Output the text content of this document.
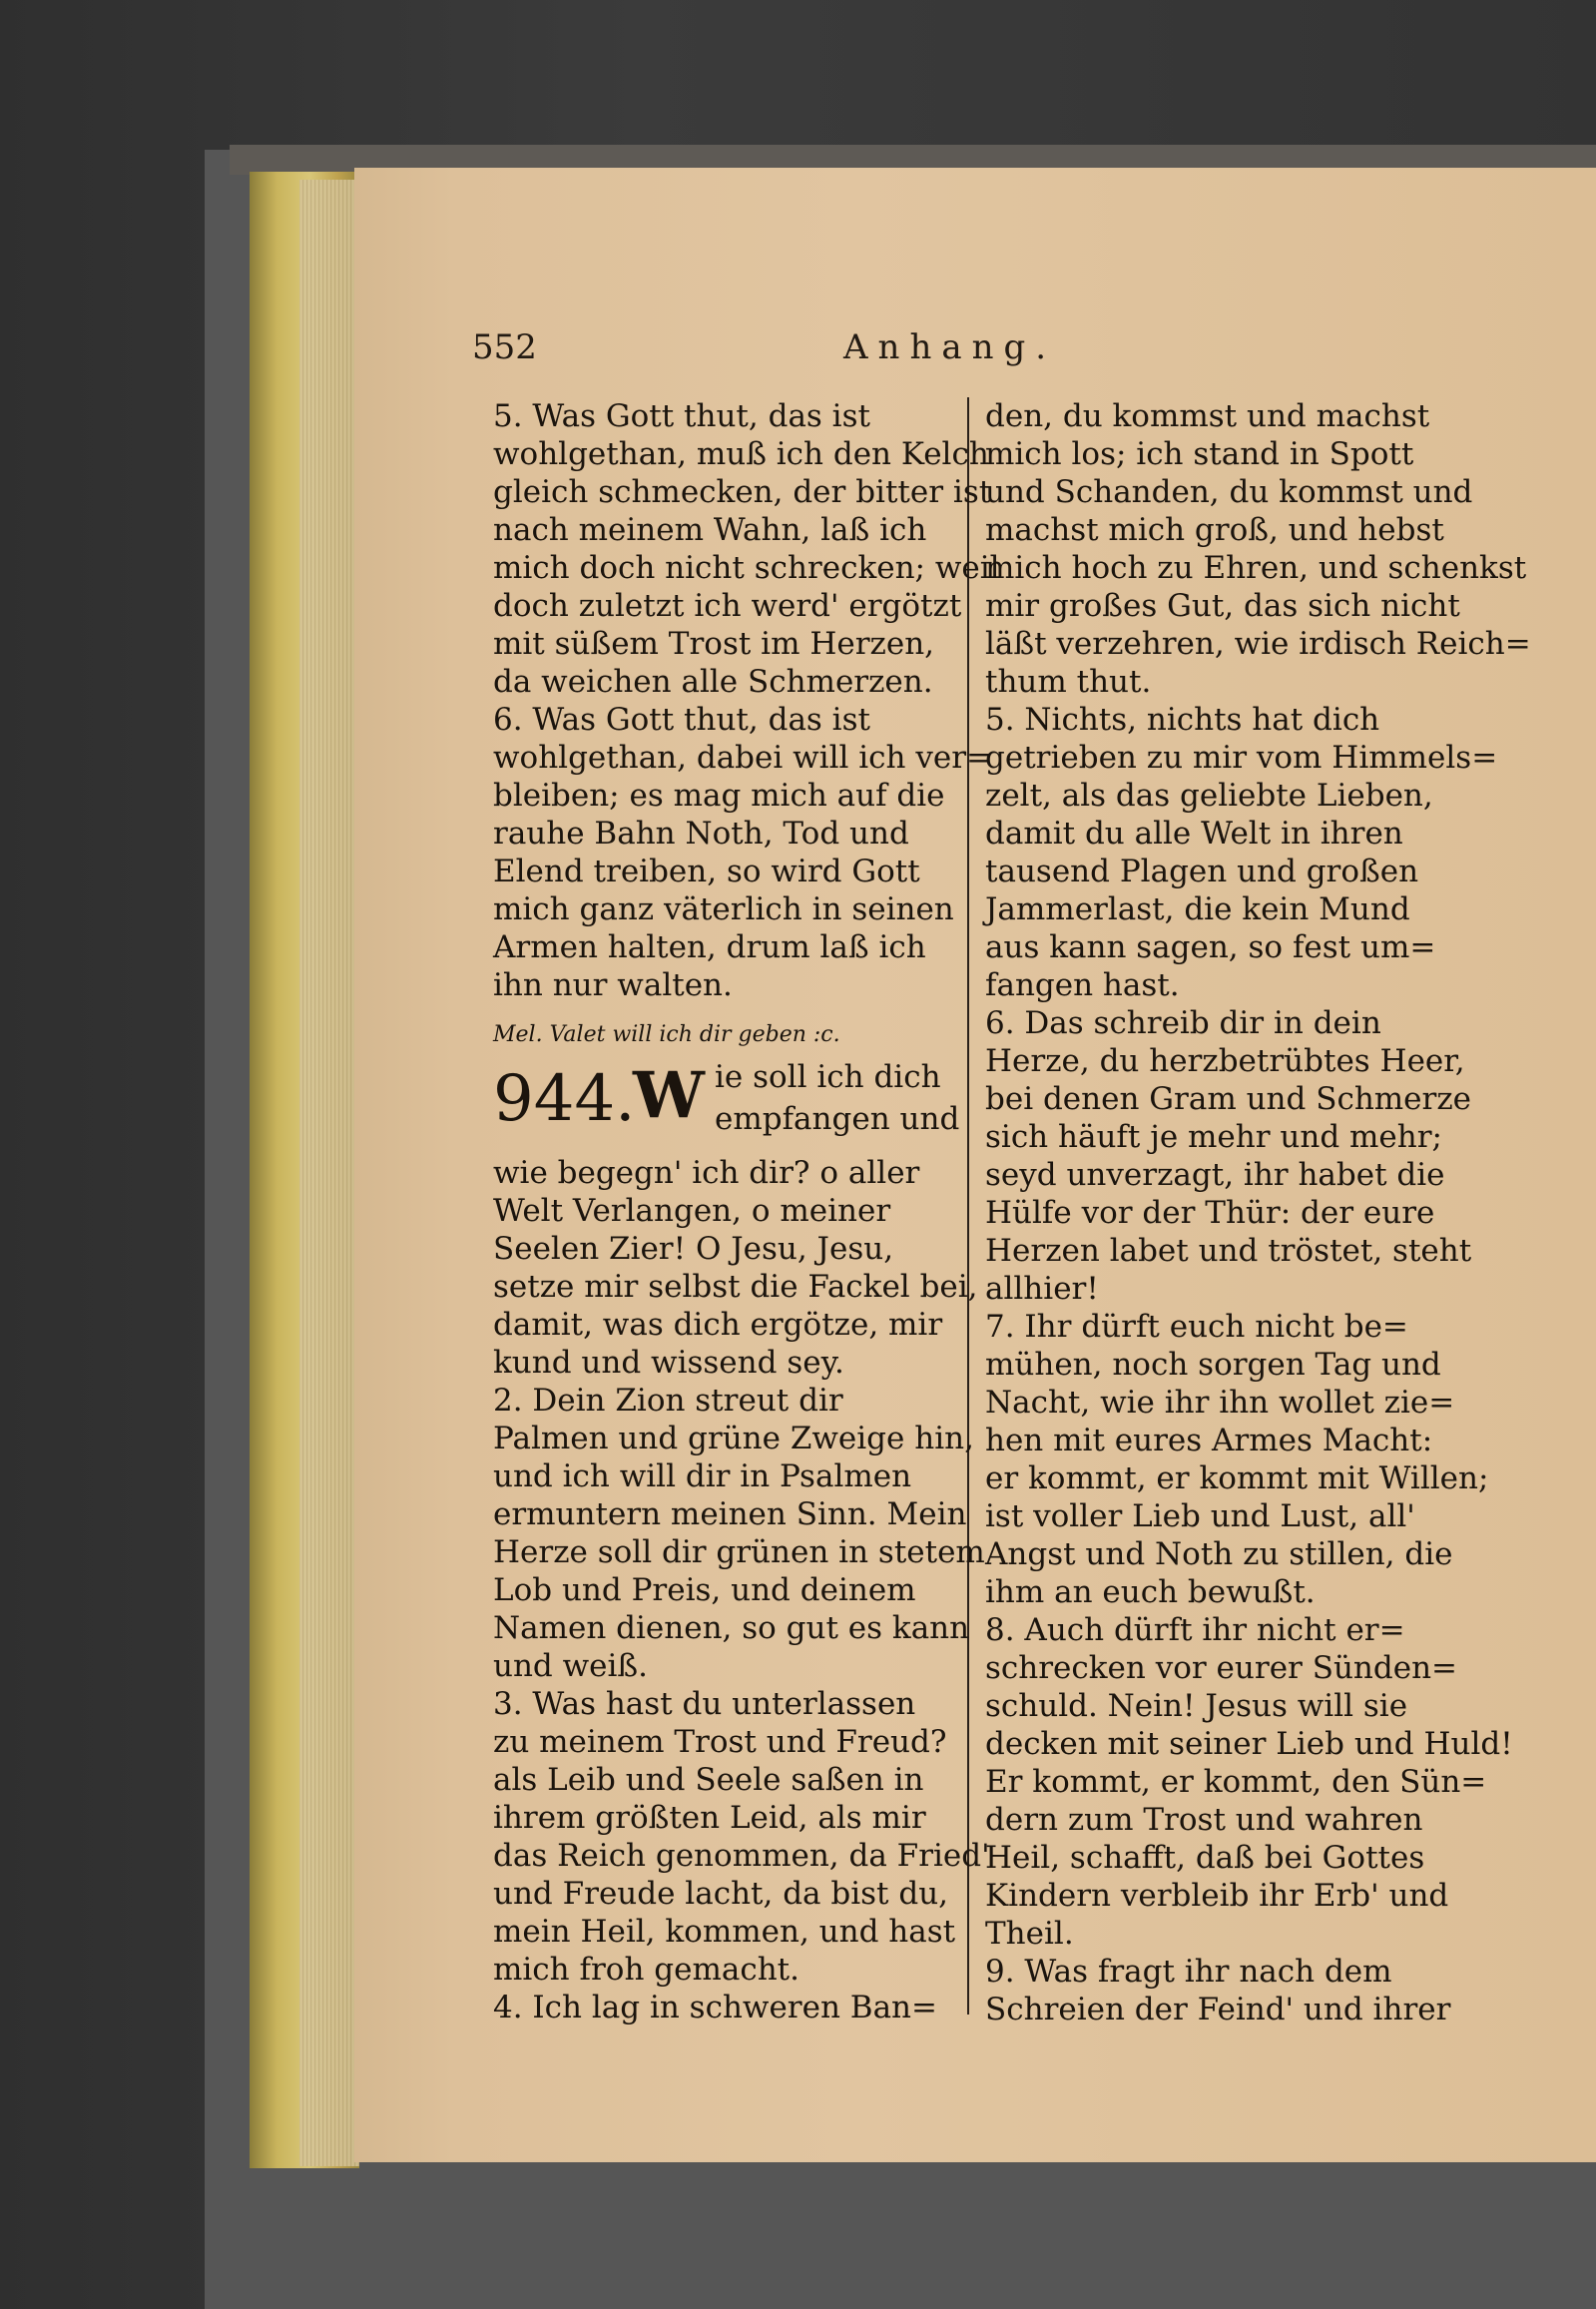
552	Anhang.
5. Was Gott thut, das ist
wohlgethan, muß ich den Kelch
gleich schmecken, der bitter ist
nach meinem Wahn, laß ich
mich doch nicht schrecken; weil
doch zuletzt ich werd' ergötzt
mit süßem Trost im Herzen,
da weichen alle Schmerzen.
6. Was Gott thut, das ist
wohlgethan, dabei will ich ver=
bleiben; es mag mich auf die
rauhe Bahn Noth, Tod und
Elend treiben, so wird Gott
mich ganz väterlich in seinen
Armen halten, drum laß ich
ihn nur walten.
Mel. Valet will ich dir geben :c.
944.
W ie soll ich dich
empfangen und
wie begegn' ich dir? o aller
Welt Verlangen, o meiner
Seelen Zier! O Jesu, Jesu,
setze mir selbst die Fackel bei,
damit, was dich ergötze, mir
kund und wissend sey.
2. Dein Zion streut dir
Palmen und grüne Zweige hin,
und ich will dir in Psalmen
ermuntern meinen Sinn. Mein
Herze soll dir grünen in stetem
Lob und Preis, und deinem
Namen dienen, so gut es kann
und weiß.
3. Was hast du unterlassen
zu meinem Trost und Freud?
als Leib und Seele saßen in
ihrem größten Leid, als mir
das Reich genommen, da Fried'
und Freude lacht, da bist du,
mein Heil, kommen, und hast
mich froh gemacht.
4. Ich lag in schweren Ban=
den, du kommst und machst
mich los; ich stand in Spott
und Schanden, du kommst und
machst mich groß, und hebst
mich hoch zu Ehren, und schenkst
mir großes Gut, das sich nicht
läßt verzehren, wie irdisch Reich=
thum thut.
5. Nichts, nichts hat dich
getrieben zu mir vom Himmels=
zelt, als das geliebte Lieben,
damit du alle Welt in ihren
tausend Plagen und großen
Jammerlast, die kein Mund
aus kann sagen, so fest um=
fangen hast.
6. Das schreib dir in dein
Herze, du herzbetrübtes Heer,
bei denen Gram und Schmerze
sich häuft je mehr und mehr;
seyd unverzagt, ihr habet die
Hülfe vor der Thür: der eure
Herzen labet und tröstet, steht
allhier!
7. Ihr dürft euch nicht be=
mühen, noch sorgen Tag und
Nacht, wie ihr ihn wollet zie=
hen mit eures Armes Macht:
er kommt, er kommt mit Willen;
ist voller Lieb und Lust, all'
Angst und Noth zu stillen, die
ihm an euch bewußt.
8. Auch dürft ihr nicht er=
schrecken vor eurer Sünden=
schuld. Nein! Jesus will sie
decken mit seiner Lieb und Huld!
Er kommt, er kommt, den Sün=
dern zum Trost und wahren
Heil, schafft, daß bei Gottes
Kindern verbleib ihr Erb' und
Theil.
9. Was fragt ihr nach dem
Schreien der Feind' und ihrer
